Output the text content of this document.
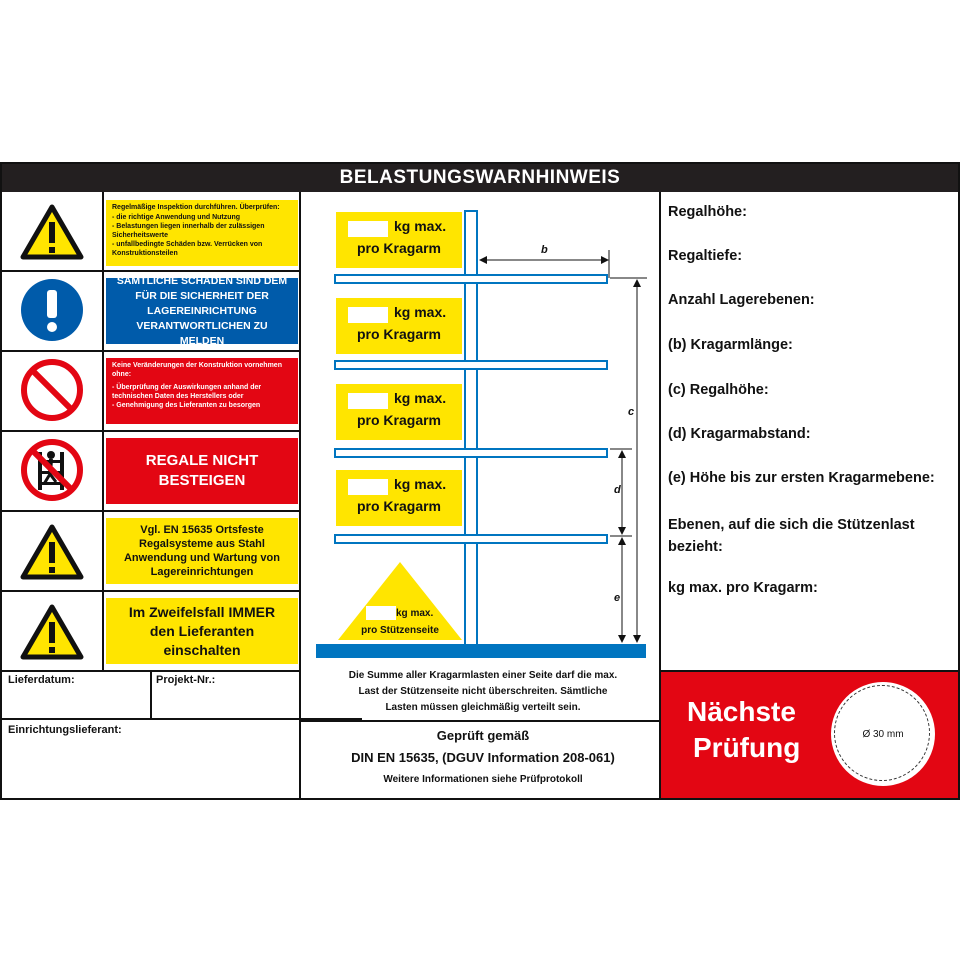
BELASTUNGSWARNHINWEIS
Regelmäßige Inspektion durchführen. Überprüfen:
- die richtige Anwendung und Nutzung
- Belastungen liegen innerhalb der zulässigen Sicherheitswerte
- unfallbedingte Schäden bzw. Verrücken von Konstruktionsteilen
SÄMTLICHE SCHÄDEN SIND DEM FÜR DIE SICHERHEIT DER LAGEREINRICHTUNG VERANTWORTLICHEN ZU MELDEN
Keine Veränderungen der Konstruktion vornehmen ohne:
- Überprüfung der Auswirkungen anhand der technischen Daten des Herstellers oder
- Genehmigung des Lieferanten zu besorgen
REGALE NICHT BESTEIGEN
Vgl. EN 15635 Ortsfeste Regalsysteme aus Stahl Anwendung und Wartung von Lagereinrichtungen
Im Zweifelsfall IMMER den Lieferanten einschalten
Lieferdatum:	Projekt-Nr.:
Einrichtungslieferant:
kg max.
pro Kragarm
kg max.
pro Kragarm
kg max.
pro Kragarm
kg max.
pro Kragarm
kg max.
pro Stützenseite
b
c
d
e
Die Summe aller Kragarmlasten einer Seite darf die max. Last der Stützenseite nicht überschreiten. Sämtliche Lasten müssen gleichmäßig verteilt sein.
Geprüft gemäß
DIN EN 15635, (DGUV Information 208-061)
Weitere Informationen siehe Prüfprotokoll
Regalhöhe:
Regaltiefe:
Anzahl Lagerebenen:
(b) Kragarmlänge:
(c) Regalhöhe:
(d) Kragarmabstand:
(e) Höhe bis zur ersten Kragarmebene:
Ebenen, auf die sich die Stützenlast bezieht:
kg max. pro Kragarm:
Nächste
Prüfung	Ø 30 mm
